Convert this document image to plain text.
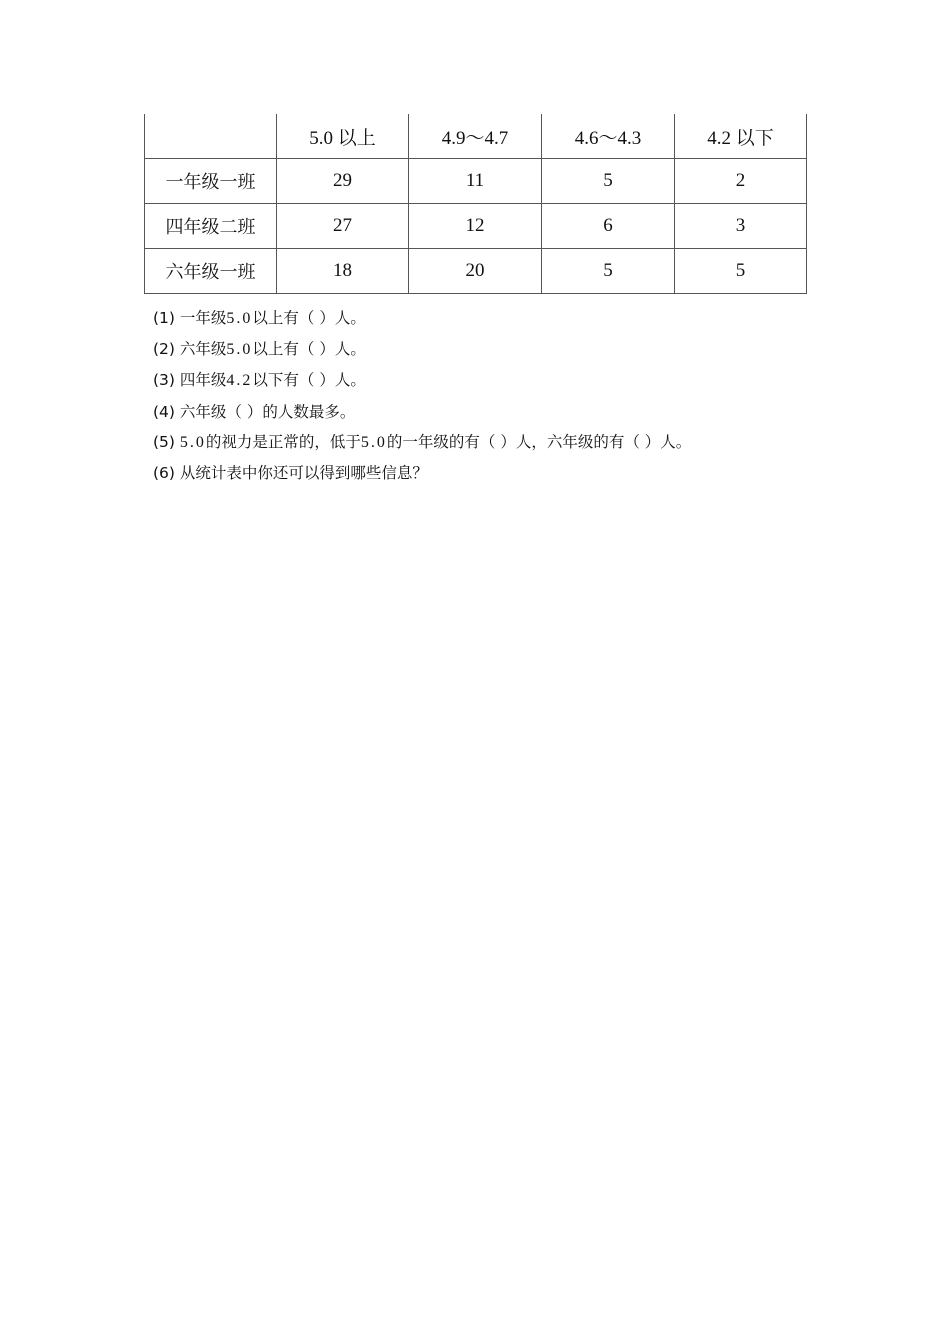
	5.0 以上	4.9～4.7	4.6～4.3	4.2 以下
一年级一班	29	11	5	2
四年级二班	27	12	6	3
六年级一班	18	20	5	5
(1) 一年级5.0以上有（ ）人。
(2) 六年级5.0以上有（ ）人。
(3) 四年级4.2以下有（ ）人。
(4) 六年级（ ）的人数最多。
(5) 5.0的视力是正常的，低于5.0的一年级的有（ ）人，六年级的有（ ）人。
(6) 从统计表中你还可以得到哪些信息？
